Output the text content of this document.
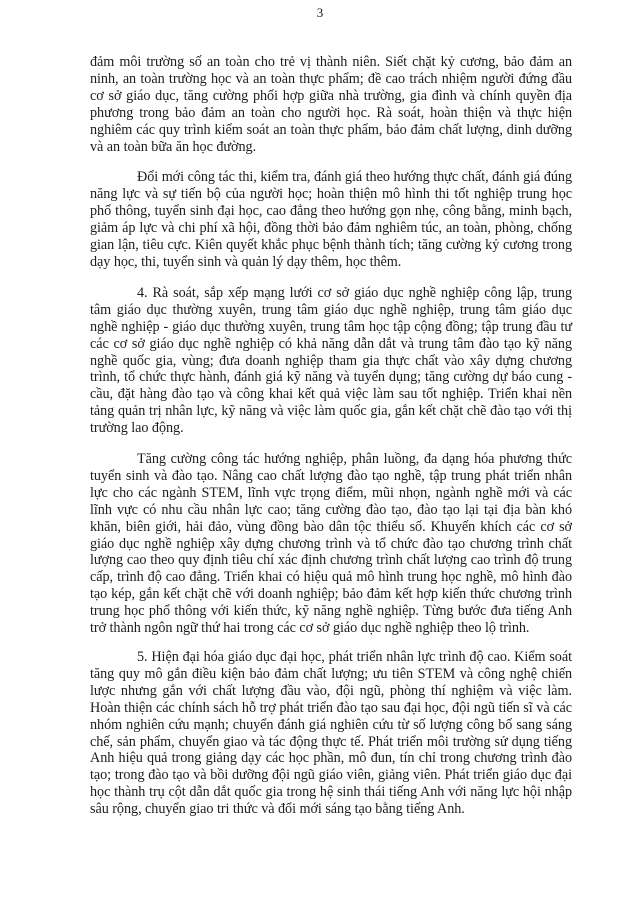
3

đảm môi trường số an toàn cho trẻ vị thành niên. Siết chặt kỷ cương, bảo đảm an ninh, an toàn trường học và an toàn thực phẩm; đề cao trách nhiệm người đứng đầu cơ sở giáo dục, tăng cường phối hợp giữa nhà trường, gia đình và chính quyền địa phương trong bảo đảm an toàn cho người học. Rà soát, hoàn thiện và thực hiện nghiêm các quy trình kiểm soát an toàn thực phẩm, bảo đảm chất lượng, dinh dưỡng và an toàn bữa ăn học đường.

Đổi mới công tác thi, kiểm tra, đánh giá theo hướng thực chất, đánh giá đúng năng lực và sự tiến bộ của người học; hoàn thiện mô hình thi tốt nghiệp trung học phổ thông, tuyển sinh đại học, cao đẳng theo hướng gọn nhẹ, công bằng, minh bạch, giảm áp lực và chi phí xã hội, đồng thời bảo đảm nghiêm túc, an toàn, phòng, chống gian lận, tiêu cực. Kiên quyết khắc phục bệnh thành tích; tăng cường kỷ cương trong dạy học, thi, tuyển sinh và quản lý dạy thêm, học thêm.

4. Rà soát, sắp xếp mạng lưới cơ sở giáo dục nghề nghiệp công lập, trung tâm giáo dục thường xuyên, trung tâm giáo dục nghề nghiệp, trung tâm giáo dục nghề nghiệp - giáo dục thường xuyên, trung tâm học tập cộng đồng; tập trung đầu tư các cơ sở giáo dục nghề nghiệp có khả năng dẫn dắt và trung tâm đào tạo kỹ năng nghề quốc gia, vùng; đưa doanh nghiệp tham gia thực chất vào xây dựng chương trình, tổ chức thực hành, đánh giá kỹ năng và tuyển dụng; tăng cường dự báo cung - cầu, đặt hàng đào tạo và công khai kết quả việc làm sau tốt nghiệp. Triển khai nền tảng quản trị nhân lực, kỹ năng và việc làm quốc gia, gắn kết chặt chẽ đào tạo với thị trường lao động.

Tăng cường công tác hướng nghiệp, phân luồng, đa dạng hóa phương thức tuyển sinh và đào tạo. Nâng cao chất lượng đào tạo nghề, tập trung phát triển nhân lực cho các ngành STEM, lĩnh vực trọng điểm, mũi nhọn, ngành nghề mới và các lĩnh vực có nhu cầu nhân lực cao; tăng cường đào tạo, đào tạo lại tại địa bàn khó khăn, biên giới, hải đảo, vùng đồng bào dân tộc thiểu số. Khuyến khích các cơ sở giáo dục nghề nghiệp xây dựng chương trình và tổ chức đào tạo chương trình chất lượng cao theo quy định tiêu chí xác định chương trình chất lượng cao trình độ trung cấp, trình độ cao đẳng. Triển khai có hiệu quả mô hình trung học nghề, mô hình đào tạo kép, gắn kết chặt chẽ với doanh nghiệp; bảo đảm kết hợp kiến thức chương trình trung học phổ thông với kiến thức, kỹ năng nghề nghiệp. Từng bước đưa tiếng Anh trở thành ngôn ngữ thứ hai trong các cơ sở giáo dục nghề nghiệp theo lộ trình.

5. Hiện đại hóa giáo dục đại học, phát triển nhân lực trình độ cao. Kiểm soát tăng quy mô gắn điều kiện bảo đảm chất lượng; ưu tiên STEM và công nghệ chiến lược nhưng gắn với chất lượng đầu vào, đội ngũ, phòng thí nghiệm và việc làm. Hoàn thiện các chính sách hỗ trợ phát triển đào tạo sau đại học, đội ngũ tiến sĩ và các nhóm nghiên cứu mạnh; chuyển đánh giá nghiên cứu từ số lượng công bố sang sáng chế, sản phẩm, chuyển giao và tác động thực tế. Phát triển môi trường sử dụng tiếng Anh hiệu quả trong giảng dạy các học phần, mô đun, tín chỉ trong chương trình đào tạo; trong đào tạo và bồi dưỡng đội ngũ giáo viên, giảng viên. Phát triển giáo dục đại học thành trụ cột dẫn dắt quốc gia trong hệ sinh thái tiếng Anh với năng lực hội nhập sâu rộng, chuyển giao tri thức và đổi mới sáng tạo bằng tiếng Anh.
